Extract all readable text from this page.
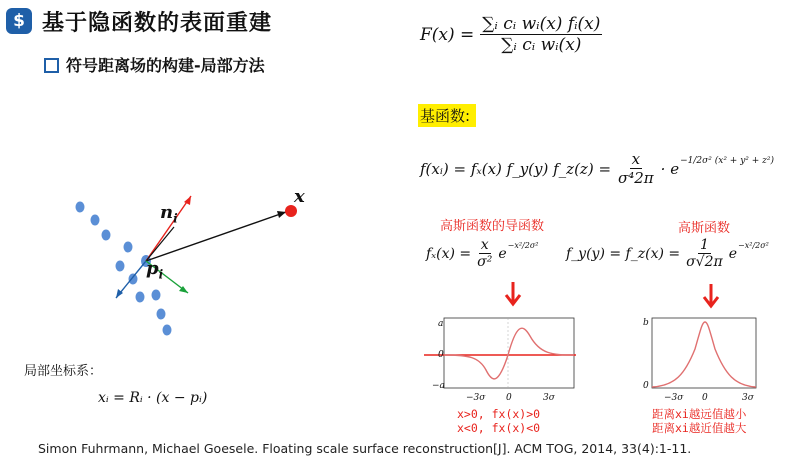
$ 基于隐函数的表面重建
符号距离场的构建-局部方法
x
$n_i$
$p_i$
局部坐标系：
xᵢ = Rᵢ · (x − pᵢ)
$F(x) = \frac{\text{∑ᵢ cᵢ wᵢ(x) fᵢ(x)}}{\text{∑ᵢ cᵢ wᵢ(x)}}$
基函数:
f(xᵢ) = fₓ(x) f_y(y) f_z(z) = $\frac{x}{\text{σ⁴2π}} \cdot e^{-1/2\sigma^2 (x^2 + y^2 + z^2)}$
高斯函数的导函数	高斯函数
$f_x(x) = \frac{x}{\text{σ²}} e^{-x^2/2\sigma^2}$ f_y(y) = f_z(x) = $\frac{1}{\sigma√2\pi} e^{-x^2/2\sigma^2}$
a
0
−a
−3σ 0	3σ
b
0
−3σ 0	3σ
x>0, fx(x)>0
x<0, fx(x)<0
距离xi越远值越小
距离xi越近值越大
Simon Fuhrmann, Michael Goesele. Floating scale surface reconstruction[J]. ACM TOG, 2014, 33(4):1-11.
